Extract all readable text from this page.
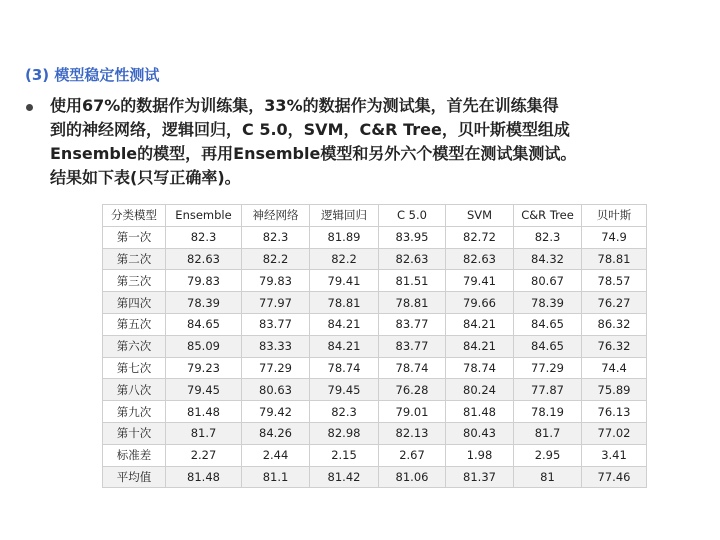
(3) 模型稳定性测试
使用67%的数据作为训练集，33%的数据作为测试集，首先在训练集得
到的神经网络，逻辑回归，C 5.0，SVM，C&R Tree，贝叶斯模型组成
Ensemble的模型，再用Ensemble模型和另外六个模型在测试集测试。
结果如下表(只写正确率)。
分类模型	Ensemble	神经网络	逻辑回归	C 5.0	SVM	C&R Tree	贝叶斯
第一次	82.3	82.3	81.89	83.95	82.72	82.3	74.9
第二次	82.63	82.2	82.2	82.63	82.63	84.32	78.81
第三次	79.83	79.83	79.41	81.51	79.41	80.67	78.57
第四次	78.39	77.97	78.81	78.81	79.66	78.39	76.27
第五次	84.65	83.77	84.21	83.77	84.21	84.65	86.32
第六次	85.09	83.33	84.21	83.77	84.21	84.65	76.32
第七次	79.23	77.29	78.74	78.74	78.74	77.29	74.4
第八次	79.45	80.63	79.45	76.28	80.24	77.87	75.89
第九次	81.48	79.42	82.3	79.01	81.48	78.19	76.13
第十次	81.7	84.26	82.98	82.13	80.43	81.7	77.02
标准差	2.27	2.44	2.15	2.67	1.98	2.95	3.41
平均值	81.48	81.1	81.42	81.06	81.37	81	77.46
